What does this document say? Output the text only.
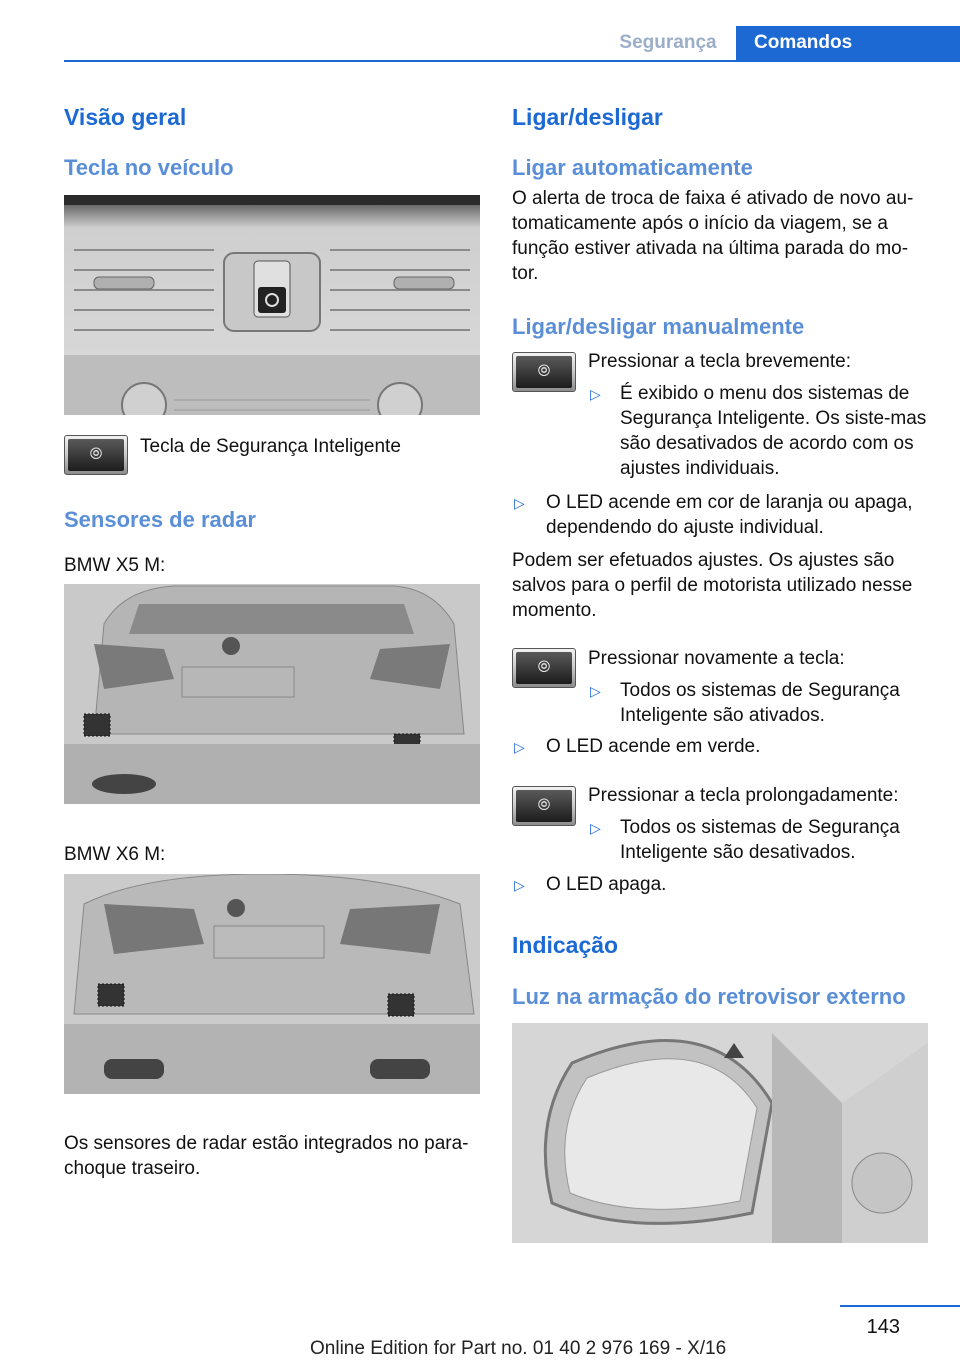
Segurança	Comandos
Visão geral
Tecla no veículo
⦾ Tecla de Segurança Inteligente
Sensores de radar
BMW X5 M:
BMW X6 M:
Os sensores de radar estão integrados no para-choque traseiro.
Ligar/desligar
Ligar automaticamente
O alerta de troca de faixa é ativado de novo au-tomaticamente após o início da viagem, se a função estiver ativada na última parada do mo-tor.
Ligar/desligar manualmente
⦾ Pressionar a tecla brevemente:
▷ É exibido o menu dos sistemas de Segurança Inteligente. Os siste-mas são desativados de acordo com os ajustes individuais.
▷ O LED acende em cor de laranja ou apaga, dependendo do ajuste individual.
Podem ser efetuados ajustes. Os ajustes são salvos para o perfil de motorista utilizado nesse momento.
⦾ Pressionar novamente a tecla:
▷ Todos os sistemas de Segurança Inteligente são ativados.
▷ O LED acende em verde.
⦾ Pressionar a tecla prolongadamente:
▷ Todos os sistemas de Segurança Inteligente são desativados.
▷ O LED apaga.
Indicação
Luz na armação do retrovisor externo
143
Online Edition for Part no. 01 40 2 976 169 - X/16
